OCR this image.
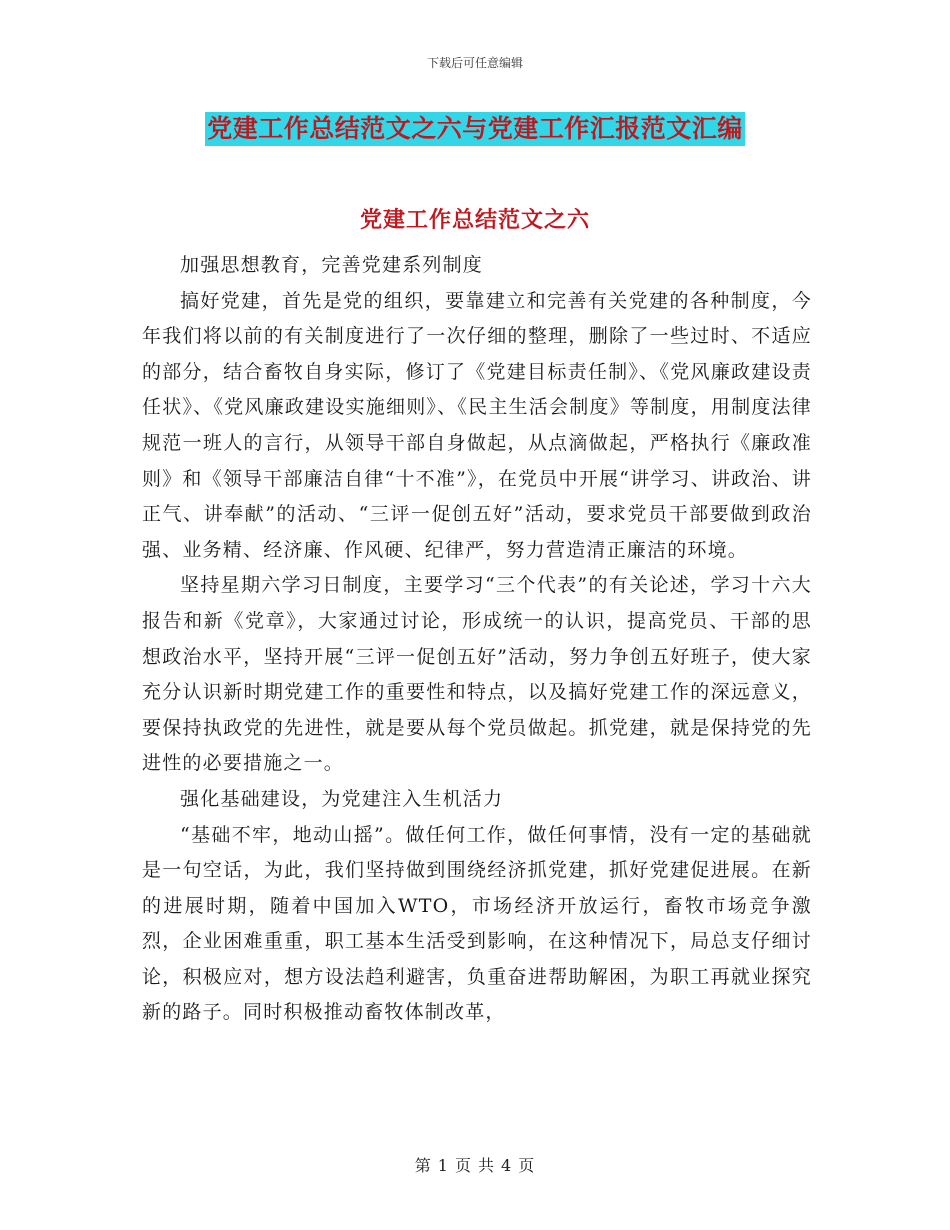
下载后可任意编辑
党建工作总结范文之六与党建工作汇报范文汇编
党建工作总结范文之六

加强思想教育，完善党建系列制度

搞好党建，首先是党的组织，要靠建立和完善有关党建的各种制度，今年我们将以前的有关制度进行了一次仔细的整理，删除了一些过时、不适应的部分，结合畜牧自身实际，修订了《党建目标责任制》、《党风廉政建设责任状》、《党风廉政建设实施细则》、《民主生活会制度》等制度，用制度法律规范一班人的言行，从领导干部自身做起，从点滴做起，严格执行《廉政准则》和《领导干部廉洁自律“十不准”》，在党员中开展“讲学习、讲政治、讲正气、讲奉献”的活动、“三评一促创五好”活动，要求党员干部要做到政治强、业务精、经济廉、作风硬、纪律严，努力营造清正廉洁的环境。

坚持星期六学习日制度，主要学习“三个代表”的有关论述，学习十六大报告和新《党章》，大家通过讨论，形成统一的认识，提高党员、干部的思想政治水平，坚持开展“三评一促创五好”活动，努力争创五好班子，使大家充分认识新时期党建工作的重要性和特点，以及搞好党建工作的深远意义，要保持执政党的先进性，就是要从每个党员做起。抓党建，就是保持党的先进性的必要措施之一。

强化基础建设，为党建注入生机活力

“基础不牢，地动山摇”。做任何工作，做任何事情，没有一定的基础就是一句空话，为此，我们坚持做到围绕经济抓党建，抓好党建促进展。在新的进展时期，随着中国加入WTO，市场经济开放运行，畜牧市场竞争激烈，企业困难重重，职工基本生活受到影响，在这种情况下，局总支仔细讨论，积极应对，想方设法趋利避害，负重奋进帮助解困，为职工再就业探究新的路子。同时积极推动畜牧体制改革，

第 1 页 共 4 页
